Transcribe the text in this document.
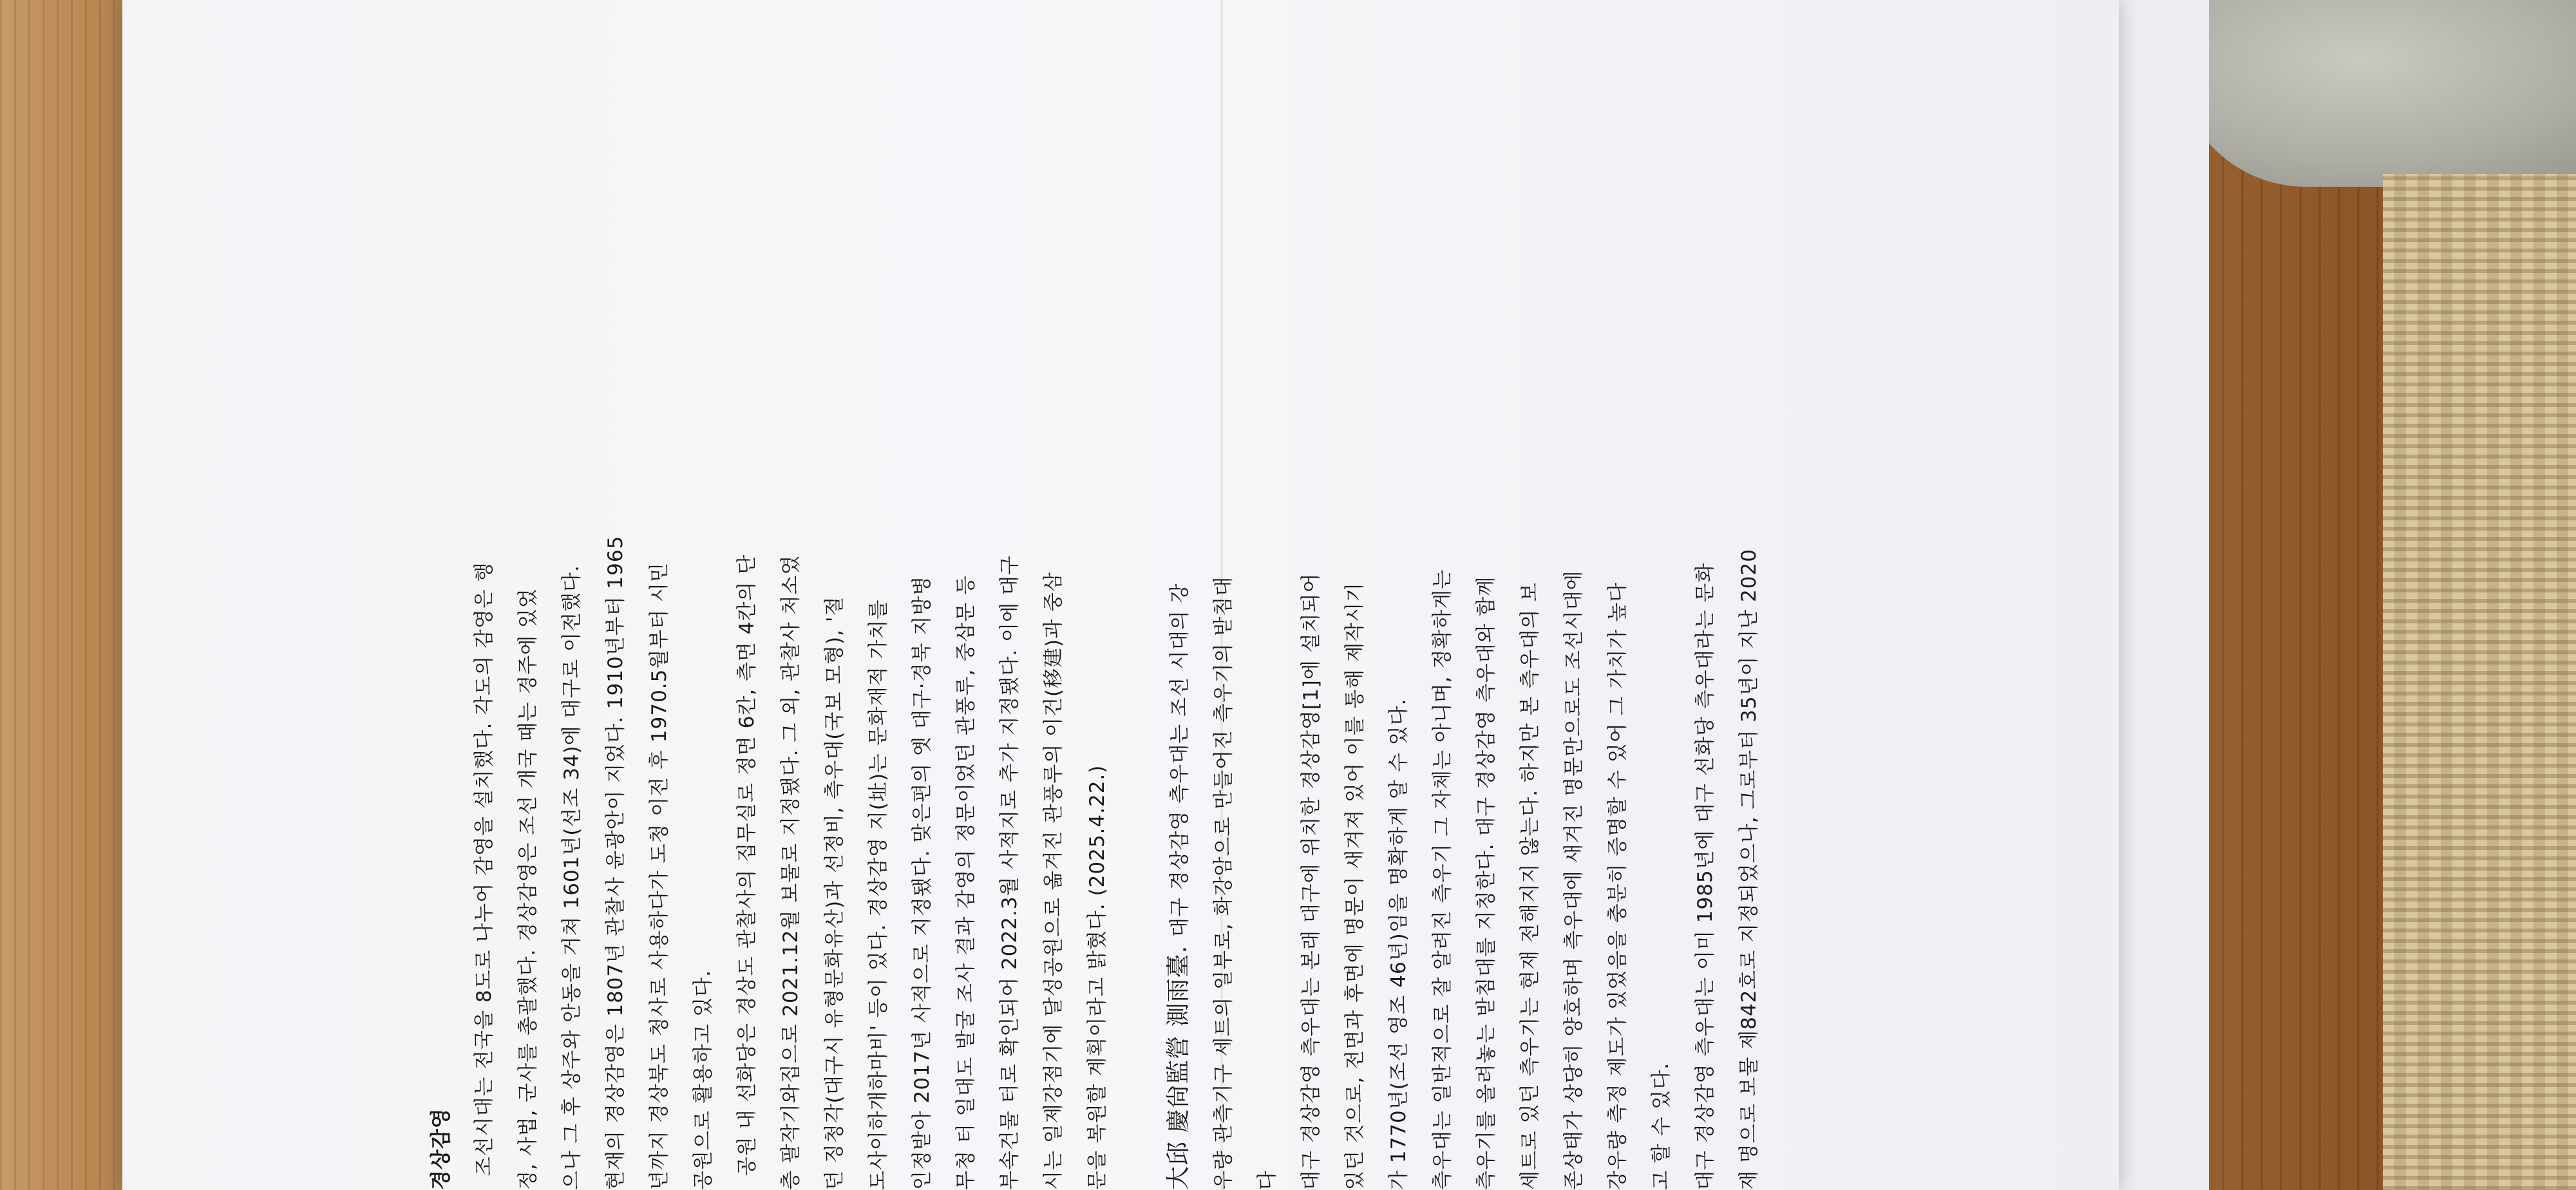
경상감영	조선시대는 전국을 8도로 나누어 감영을 설치했다. 각도의 감영은 행	정, 사법, 군사를 총괄했다. 경상감영은 조선 개국 때는 경주에 있었	으나 그 후 상주와 안동을 거쳐 1601년(선조 34)에 대구로 이전했다.	현재의 경상감영은 1807년 관찰사 윤광안이 지었다. 1910년부터 1965	년까지 경상북도 청사로 사용하다가 도청 이전 후 1970.5월부터 시민	공원으로 활용하고 있다.	공원 내 선화당은 경상도 관찰사의 집무실로 정면 6칸, 측면 4칸의 단	층 팔작기와집으로 2021.12월 보물로 지정됐다. 그 외, 관찰사 처소였	던 징청각(대구시 유형문화유산)과 선정비, 측우대(국보 모형), '절	도사이하개하마비' 등이 있다. 경상감영 지(址)는 문화재적 가치를	인정받아 2017년 사적으로 지정됐다. 맞은편의 옛 대구·경북 지방병	무청 터 일대도 발굴 조사 결과 감영의 정문이었던 관풍루, 중삼문 등	부속건물 터로 확인되어 2022.3월 사적지로 추가 지정됐다. 이에 대구	시는 일제강점기에 달성공원으로 옮겨진 관풍루의 이건(移建)과 중삼	문을 복원할 계획이라고 밝혔다. (2025.4.22.)	大邱 慶尙監營 測雨臺. 대구 경상감영 측우대는 조선 시대의 강	우량 관측기구 세트의 일부로, 화강암으로 만들어진 측우기의 받침대	다	대구 경상감영 측우대는 본래 대구에 위치한 경상감영[1]에 설치되어	있던 것으로, 전면과 후면에 명문이 새겨져 있어 이를 통해 제작시기	가 1770년(조선 영조 46년)임을 명확하게 알 수 있다.	측우대는 일반적으로 잘 알려진 측우기 그 자체는 아니며, 정확하게는	측우기를 올려놓는 받침대를 지칭한다. 대구 경상감영 측우대와 함께	세트로 있던 측우기는 현재 전해지지 않는다. 하지만 본 측우대의 보	존상태가 상당히 양호하며 측우대에 새겨진 명문만으로도 조선시대에	강우량 측정 제도가 있었음을 충분히 증명할 수 있어 그 가치가 높다	고 할 수 있다.	대구 경상감영 측우대는 이미 1985년에 대구 선화당 측우대라는 문화	재 명으로 보물 제842호로 지정되었으나, 그로부터 35년이 지난 2020
